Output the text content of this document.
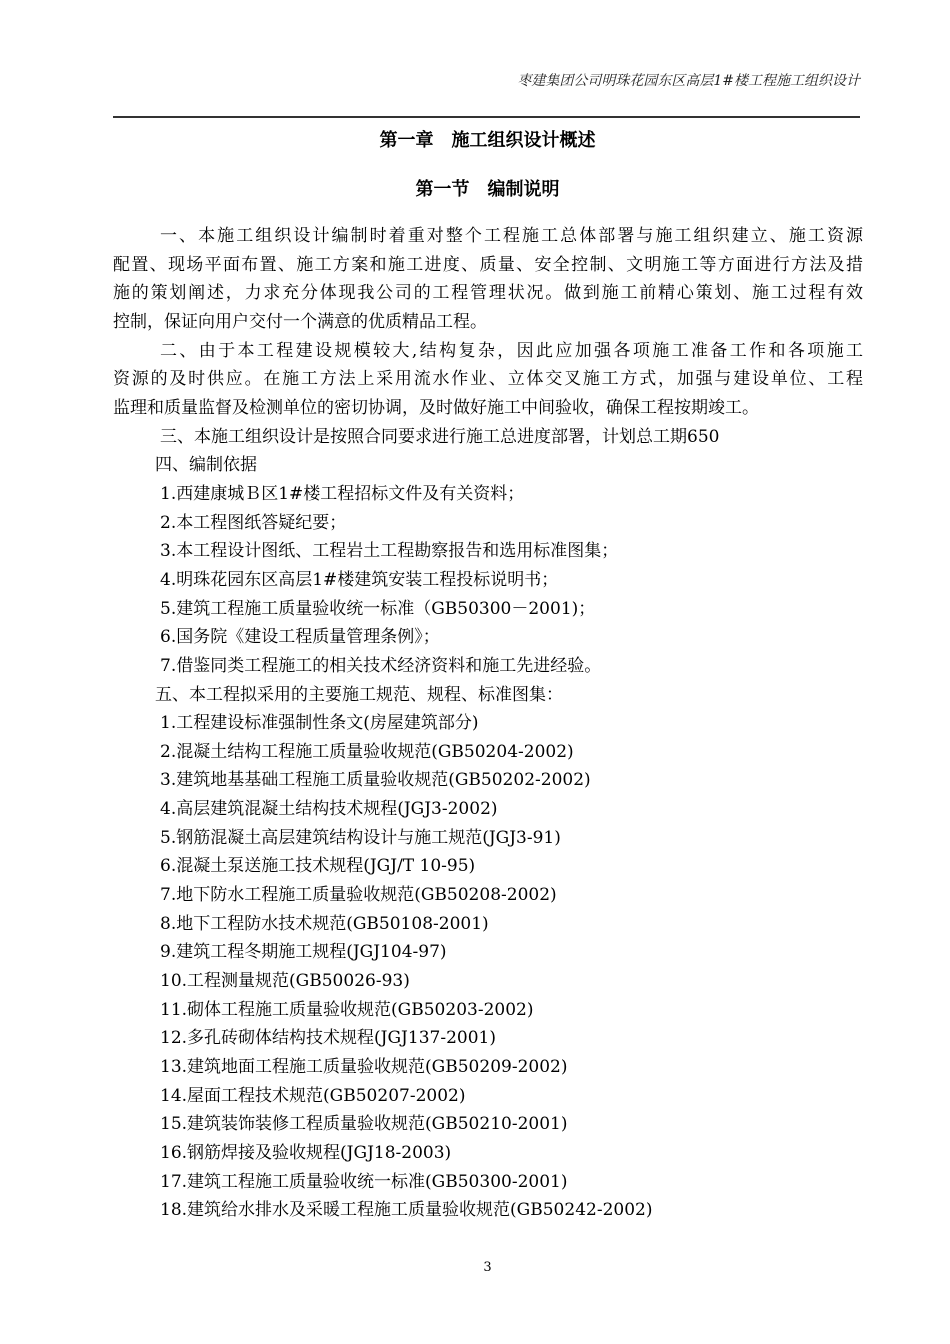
枣建集团公司明珠花园东区高层1#楼工程施工组织设计
第一章　施工组织设计概述
第一节　编制说明
一、本施工组织设计编制时着重对整个工程施工总体部署与施工组织建立、施工资源
配置、现场平面布置、施工方案和施工进度、质量、安全控制、文明施工等方面进行方法及措
施的策划阐述，力求充分体现我公司的工程管理状况。做到施工前精心策划、施工过程有效
控制，保证向用户交付一个满意的优质精品工程。
二、由于本工程建设规模较大,结构复杂，因此应加强各项施工准备工作和各项施工
资源的及时供应。在施工方法上采用流水作业、立体交叉施工方式，加强与建设单位、工程
监理和质量监督及检测单位的密切协调，及时做好施工中间验收，确保工程按期竣工。
三、本施工组织设计是按照合同要求进行施工总进度部署，计划总工期650
四、编制依据
1.西建康城Ｂ区1#楼工程招标文件及有关资料；
2.本工程图纸答疑纪要；
3.本工程设计图纸、工程岩土工程勘察报告和选用标准图集；
4.明珠花园东区高层1#楼建筑安装工程投标说明书；
5.建筑工程施工质量验收统一标准（GB50300－2001)；
6.国务院《建设工程质量管理条例》；
7.借鉴同类工程施工的相关技术经济资料和施工先进经验。
五、本工程拟采用的主要施工规范、规程、标准图集：
1.工程建设标准强制性条文(房屋建筑部分)
2.混凝土结构工程施工质量验收规范(GB50204-2002)
3.建筑地基基础工程施工质量验收规范(GB50202-2002)
4.高层建筑混凝土结构技术规程(JGJ3-2002)
5.钢筋混凝土高层建筑结构设计与施工规范(JGJ3-91)
6.混凝土泵送施工技术规程(JGJ/T 10-95)
7.地下防水工程施工质量验收规范(GB50208-2002)
8.地下工程防水技术规范(GB50108-2001)
9.建筑工程冬期施工规程(JGJ104-97)
10.工程测量规范(GB50026-93)
11.砌体工程施工质量验收规范(GB50203-2002)
12.多孔砖砌体结构技术规程(JGJ137-2001)
13.建筑地面工程施工质量验收规范(GB50209-2002)
14.屋面工程技术规范(GB50207-2002)
15.建筑装饰装修工程质量验收规范(GB50210-2001)
16.钢筋焊接及验收规程(JGJ18-2003)
17.建筑工程施工质量验收统一标准(GB50300-2001)
18.建筑给水排水及采暖工程施工质量验收规范(GB50242-2002)
3
